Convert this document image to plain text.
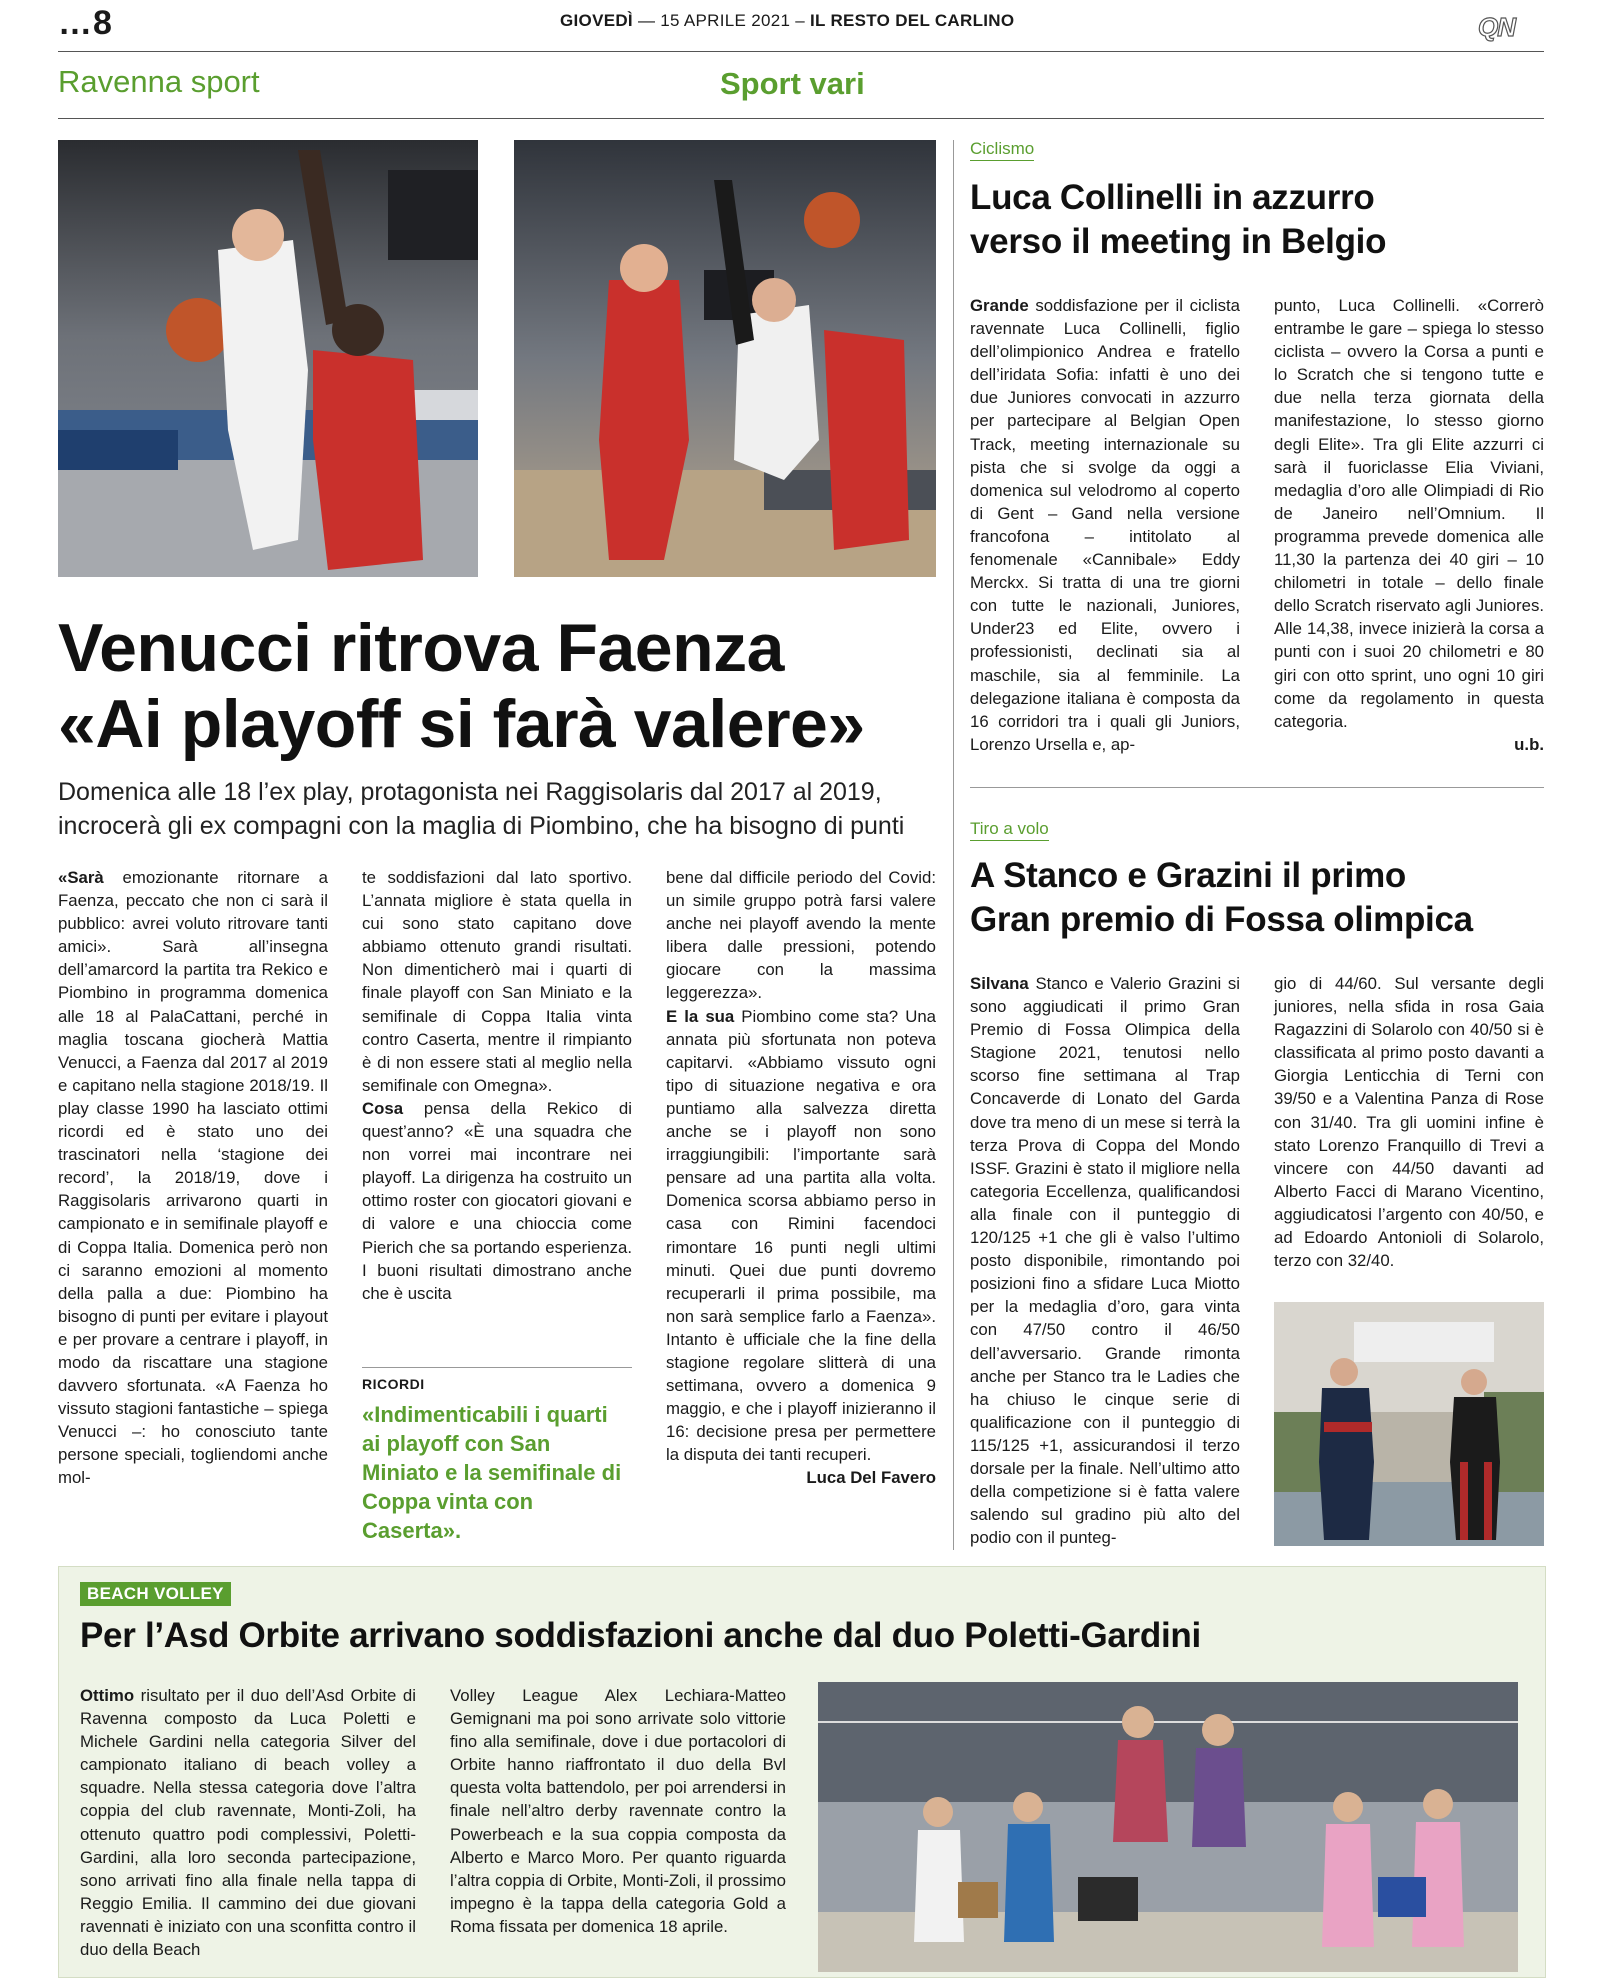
…8	GIOVEDÌ — 15 APRILE 2021 – IL RESTO DEL CARLINO	QN
Ravenna sport	Sport vari
Venucci ritrova Faenza
«Ai playoff si farà valere»
Domenica alle 18 l’ex play, protagonista nei Raggisolaris dal 2017 al 2019, incrocerà gli ex compagni con la maglia di Piombino, che ha bisogno di punti

«Sarà emozionante ritornare a Faenza, peccato che non ci sarà il pubblico: avrei voluto ritrovare tanti amici». Sarà all’insegna dell’amarcord la partita tra Rekico e Piombino in programma domenica alle 18 al PalaCattani, perché in maglia toscana giocherà Mattia Venucci, a Faenza dal 2017 al 2019 e capitano nella stagione 2018/19. Il play classe 1990 ha lasciato ottimi ricordi ed è stato uno dei trascinatori nella ‘stagione dei record’, la 2018/19, dove i Raggisolaris arrivarono quarti in campionato e in semifinale playoff e di Coppa Italia. Domenica però non ci saranno emozioni al momento della palla a due: Piombino ha bisogno di punti per evitare i playout e per provare a centrare i playoff, in modo da riscattare una stagione davvero sfortunata. «A Faenza ho vissuto stagioni fantastiche – spiega Venucci –: ho conosciuto tante persone speciali, togliendomi anche mol-

te soddisfazioni dal lato sportivo. L’annata migliore è stata quella in cui sono stato capitano dove abbiamo ottenuto grandi risultati. Non dimenticherò mai i quarti di finale playoff con San Miniato e la semifinale di Coppa Italia vinta contro Caserta, mentre il rimpianto è di non essere stati al meglio nella semifinale con Omegna».

Cosa pensa della Rekico di quest’anno? «È una squadra che non vorrei mai incontrare nei playoff. La dirigenza ha costruito un ottimo roster con giocatori giovani e di valore e una chioccia come Pierich che sa portando esperienza. I buoni risultati dimostrano anche che è uscita

RICORDI
«Indimenticabili i quarti ai playoff con San Miniato e la semifinale di Coppa vinta con Caserta».

bene dal difficile periodo del Covid: un simile gruppo potrà farsi valere anche nei playoff avendo la mente libera dalle pressioni, potendo giocare con la massima leggerezza».

E la sua Piombino come sta? Una annata più sfortunata non poteva capitarvi. «Abbiamo vissuto ogni tipo di situazione negativa e ora puntiamo alla salvezza diretta anche se i playoff non sono irraggiungibili: l’importante sarà pensare ad una partita alla volta. Domenica scorsa abbiamo perso in casa con Rimini facendoci rimontare 16 punti negli ultimi minuti. Quei due punti dovremo recuperarli il prima possibile, ma non sarà semplice farlo a Faenza». Intanto è ufficiale che la fine della stagione regolare slitterà di una settimana, ovvero a domenica 9 maggio, e che i playoff inizieranno il 16: decisione presa per permettere la disputa dei tanti recuperi.

Luca Del Favero

Ciclismo
Luca Collinelli in azzurro
verso il meeting in Belgio

Grande soddisfazione per il ciclista ravennate Luca Collinelli, figlio dell’olimpionico Andrea e fratello dell’iridata Sofia: infatti è uno dei due Juniores convocati in azzurro per partecipare al Belgian Open Track, meeting internazionale su pista che si svolge da oggi a domenica sul velodromo al coperto di Gent – Gand nella versione francofona – intitolato al fenomenale «Cannibale» Eddy Merckx. Si tratta di una tre giorni con tutte le nazionali, Juniores, Under23 ed Elite, ovvero i professionisti, declinati sia al maschile, sia al femminile. La delegazione italiana è composta da 16 corridori tra i quali gli Juniors, Lorenzo Ursella e, ap-

punto, Luca Collinelli. «Correrò entrambe le gare – spiega lo stesso ciclista – ovvero la Corsa a punti e lo Scratch che si tengono tutte e due nella terza giornata della manifestazione, lo stesso giorno degli Elite». Tra gli Elite azzurri ci sarà il fuoriclasse Elia Viviani, medaglia d’oro alle Olimpiadi di Rio de Janeiro nell’Omnium. Il programma prevede domenica alle 11,30 la partenza dei 40 giri – 10 chilometri in totale – dello finale dello Scratch riservato agli Juniores. Alle 14,38, invece inizierà la corsa a punti con i suoi 20 chilometri e 80 giri con otto sprint, uno ogni 10 giri come da regolamento in questa categoria.

u.b.

Tiro a volo
A Stanco e Grazini il primo
Gran premio di Fossa olimpica

Silvana Stanco e Valerio Grazini si sono aggiudicati il primo Gran Premio di Fossa Olimpica della Stagione 2021, tenutosi nello scorso fine settimana al Trap Concaverde di Lonato del Garda dove tra meno di un mese si terrà la terza Prova di Coppa del Mondo ISSF. Grazini è stato il migliore nella categoria Eccellenza, qualificandosi alla finale con il punteggio di 120/125 +1 che gli è valso l’ultimo posto disponibile, rimontando poi posizioni fino a sfidare Luca Miotto per la medaglia d’oro, gara vinta con 47/50 contro il 46/50 dell’avversario. Grande rimonta anche per Stanco tra le Ladies che ha chiuso le cinque serie di qualificazione con il punteggio di 115/125 +1, assicurandosi il terzo dorsale per la finale. Nell’ultimo atto della competizione si è fatta valere salendo sul gradino più alto del podio con il punteg-

gio di 44/60. Sul versante degli juniores, nella sfida in rosa Gaia Ragazzini di Solarolo con 40/50 si è classificata al primo posto davanti a Giorgia Lenticchia di Terni con 39/50 e a Valentina Panza di Rose con 31/40. Tra gli uomini infine è stato Lorenzo Franquillo di Trevi a vincere con 44/50 davanti ad Alberto Facci di Marano Vicentino, aggiudicatosi l’argento con 40/50, e ad Edoardo Antonioli di Solarolo, terzo con 32/40.

BEACH VOLLEY
Per l’Asd Orbite arrivano soddisfazioni anche dal duo Poletti-Gardini

Ottimo risultato per il duo dell’Asd Orbite di Ravenna composto da Luca Poletti e Michele Gardini nella categoria Silver del campionato italiano di beach volley a squadre. Nella stessa categoria dove l’altra coppia del club ravennate, Monti-Zoli, ha ottenuto quattro podi complessivi, Poletti-Gardini, alla loro seconda partecipazione, sono arrivati fino alla finale nella tappa di Reggio Emilia. Il cammino dei due giovani ravennati è iniziato con una sconfitta contro il duo della Beach

Volley League Alex Lechiara-Matteo Gemignani ma poi sono arrivate solo vittorie fino alla semifinale, dove i due portacolori di Orbite hanno riaffrontato il duo della Bvl questa volta battendolo, per poi arrendersi in finale nell’altro derby ravennate contro la Powerbeach e la sua coppia composta da Alberto e Marco Moro. Per quanto riguarda l’altra coppia di Orbite, Monti-Zoli, il prossimo impegno è la tappa della categoria Gold a Roma fissata per domenica 18 aprile.
